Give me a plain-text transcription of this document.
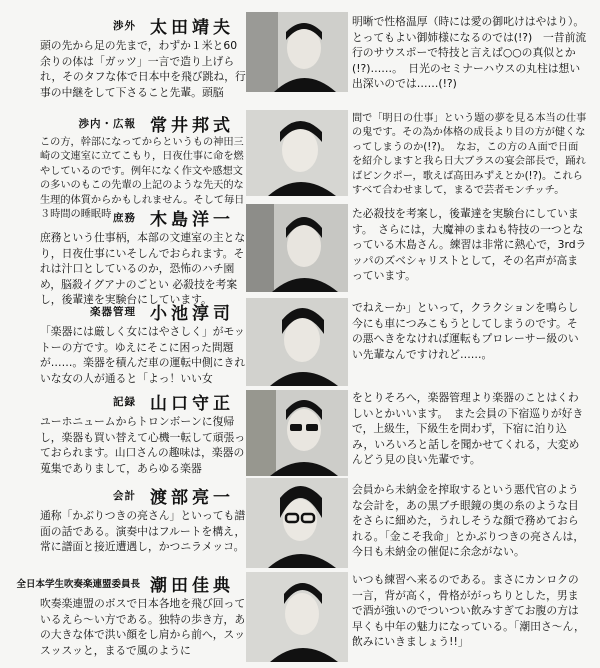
渉外 太田靖夫
頭の先から足の先まで，わずか１米と60余りの体は「ガッツ」一言で造り上げられ，そのタフな体で日本中を飛び跳ね，行事の中継をして下さること先輩。頭脳
明晰で性格温厚（時には愛の御叱けはやはり）。とってもよい御姉様になるのでは(!?)　一昔前流行のサウスポーで特技と言えば○○の真似とか(!?)……。　日光のセミナーハウスの丸柱は想い出深いのでは……(!?)
渉内・広報 常井邦式
この方，幹部になってからというもの神田三崎の文連室に立てこもり，日夜仕事に命を燃やしているのです。例年になく作文や感想文の多いのもこの先輩の上記のような先天的な生理的体質からかもしれません。そして毎日３時間の睡眠時
間で「明日の仕事」という題の夢を見る本当の仕事の鬼です。その為か体格の成長より目の方が健くなってしまうのか(!?)。　なお，この方のＡ面で日面を紹介しますと我ら日大ブラスの宴会部長で，踊ればピンクポー，歌えば高田みずえとか(!?)。これらすべて合わせまして，まるで芸者モンチッチ。
庶務 木島洋一
庶務という仕事柄，本部の文連室の主となり，日夜仕事にいそしんでおられます。それは汁口としているのか，恐怖のハチ園め，脳殺イグアナのごとい 必殺技を考案し，後輩達を実験台にしています。
た必殺技を考案し，後輩達を実験台にしています。　さらには，大魔神のまねも特技の一つとなっている木島さん。練習は非常に熱心で，3rdラッパのズベシャリストとして，その名声が高まっています。
楽器管理 小池淳司
「楽器には厳しく女にはやさしく」がモットーの方です。ゆえにそこに困った問題が……。楽器を積んだ車の運転中側にきれいな女の人が通ると「よっ！いい女
でねえーか」といって，クラクションを鳴らし今にも車につみこもうとしてしまうのです。その悪へきをなければ運転もプロレーサー級のいい先輩なんですけれど……。
記録 山口守正
ユーホニュームからトロンボーンに復帰し，楽器も買い替えて心機一転して頑張っておられます。山口さんの趣味は，楽器の蒐集でありまして，あらゆる楽器
をとりそろへ，楽器管理より楽器のことはくわしいとかいいます。　また会員の下宿巡りが好きで，上級生，下級生を問わず，下宿に泊り込み，いろいろと話しを聞かせてくれる，大変めんどう見の良い先輩です。
会計 渡部亮一
通称「かぶりつきの亮さん」といっても譜面の話である。演奏中はフルートを構え，常に譜面と接近遭遇し，かつニラメッコ。
会員から未納金を搾取するという悪代官のような会計を，あの黒ブチ眼鏡の奥の糸のような目をさらに細めた，うれしそうな顔で務めておられる。「金こそ我命」とかぶりつきの亮さんは，今日も未納金の催促に余念がない。
全日本学生吹奏楽連盟委員長 潮田佳典
吹奏楽連盟のボスで日本各地を飛び回っているえら〜い方である。独特の歩き方，あの大きな体で洪い顔をし肩から前へ，スッスッスッと，まるで風のように
いつも練習へ来るのである。まさにカンロクの一言，背が高く，骨格ががっちりとした，男まで酒が強いのでついつい飲みすぎてお腹の方は早くも中年の魅力になっている。「潮田さ〜ん，飲みにいきましょう!!」
